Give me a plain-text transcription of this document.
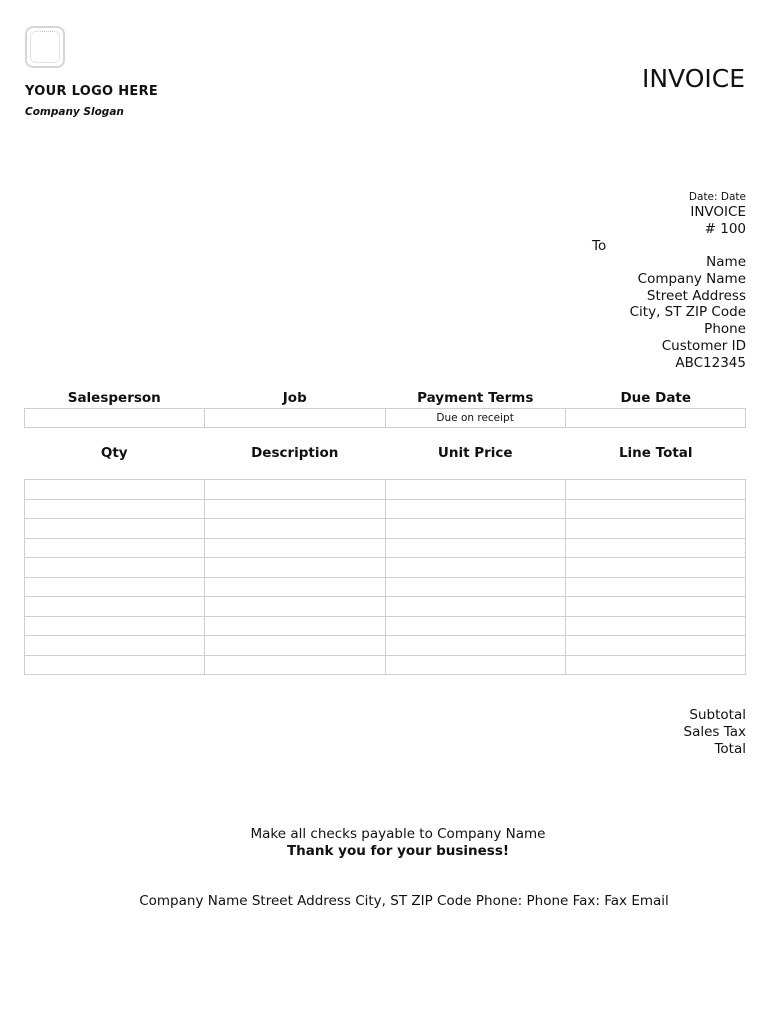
YOUR LOGO HERE
Company Slogan
INVOICE
Date: Date
INVOICE
# 100
To
Name
Company Name
Street Address
City, ST ZIP Code
Phone
Customer ID
ABC12345
Salesperson	Job	Payment Terms	Due Date
		Due on receipt	
Qty	Description	Unit Price	Line Total

Subtotal
Sales Tax
Total
Make all checks payable to Company Name
Thank you for your business!
Company Name Street Address City, ST ZIP Code Phone: Phone Fax: Fax Email
